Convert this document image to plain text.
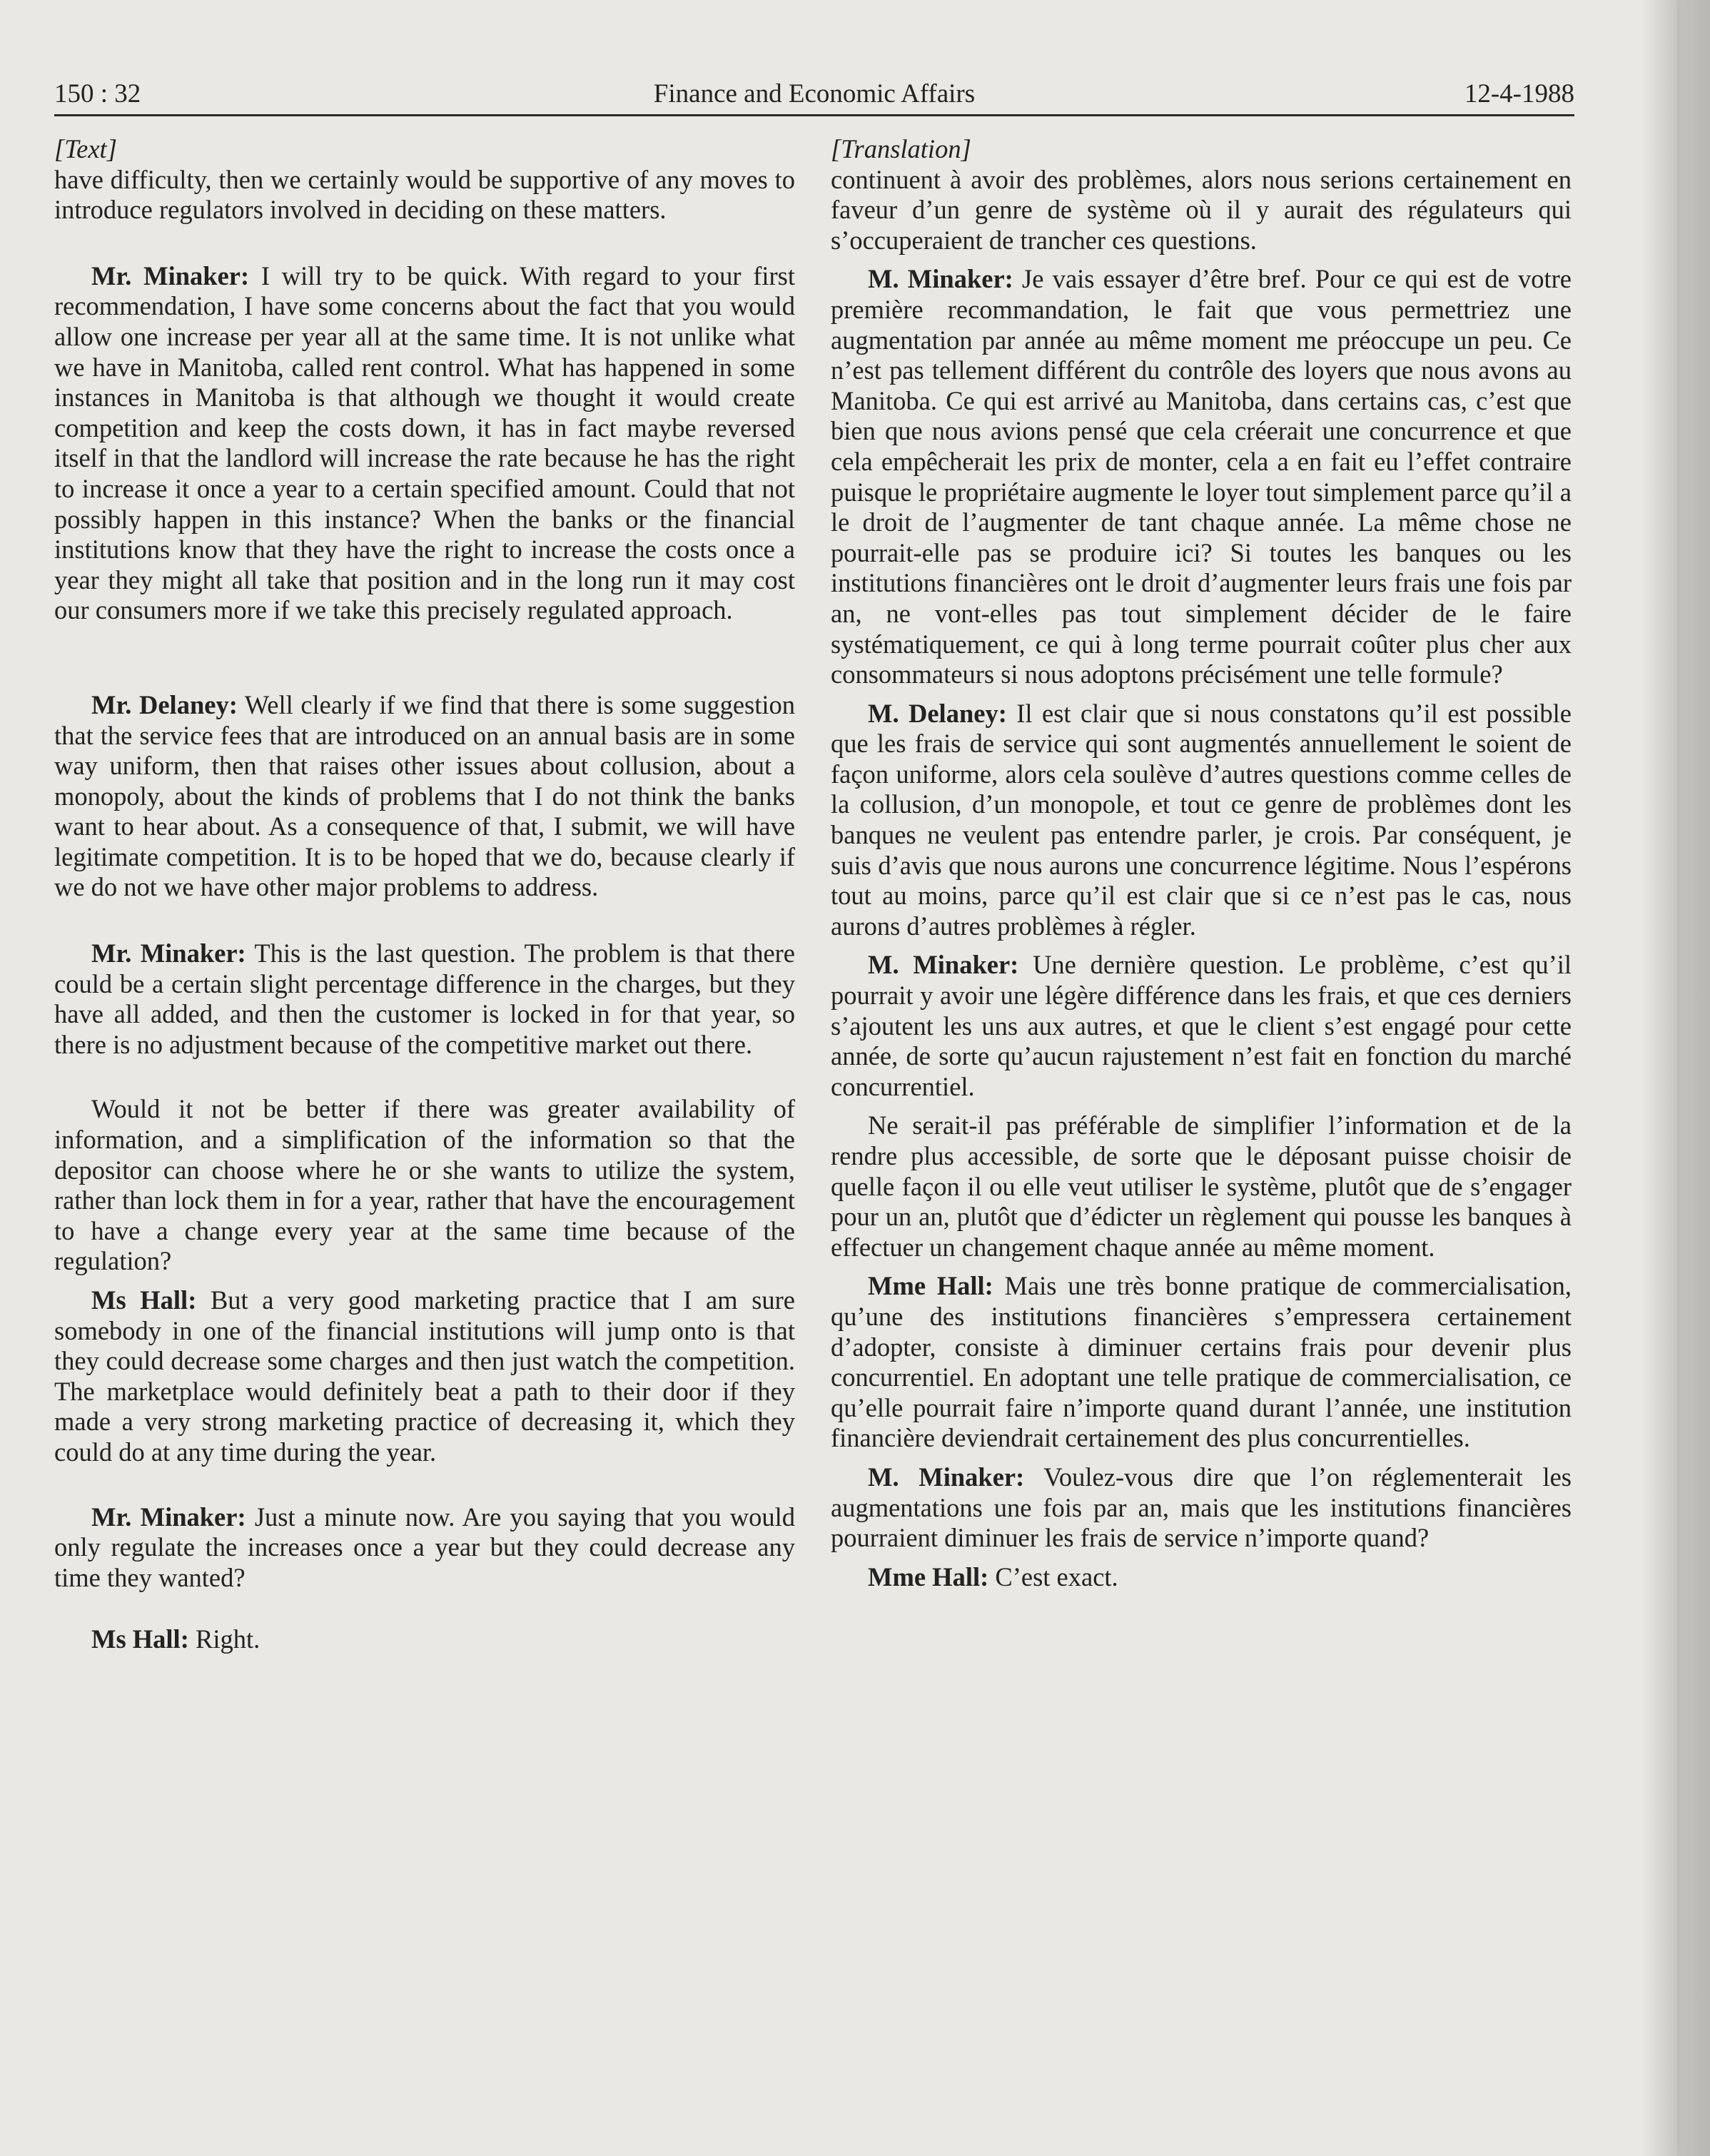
150 : 32	Finance and Economic Affairs	12-4-1988

[Text]

have difficulty, then we certainly would be supportive of any moves to introduce regulators involved in deciding on these matters.

Mr. Minaker: I will try to be quick. With regard to your first recommendation, I have some concerns about the fact that you would allow one increase per year all at the same time. It is not unlike what we have in Manitoba, called rent control. What has happened in some instances in Manitoba is that although we thought it would create competition and keep the costs down, it has in fact maybe reversed itself in that the landlord will increase the rate because he has the right to increase it once a year to a certain specified amount. Could that not possibly happen in this instance? When the banks or the financial institutions know that they have the right to increase the costs once a year they might all take that position and in the long run it may cost our consumers more if we take this precisely regulated approach.

Mr. Delaney: Well clearly if we find that there is some suggestion that the service fees that are introduced on an annual basis are in some way uniform, then that raises other issues about collusion, about a monopoly, about the kinds of problems that I do not think the banks want to hear about. As a consequence of that, I submit, we will have legitimate competition. It is to be hoped that we do, because clearly if we do not we have other major problems to address.

Mr. Minaker: This is the last question. The problem is that there could be a certain slight percentage difference in the charges, but they have all added, and then the customer is locked in for that year, so there is no adjustment because of the competitive market out there.

Would it not be better if there was greater availability of information, and a simplification of the information so that the depositor can choose where he or she wants to utilize the system, rather than lock them in for a year, rather that have the encouragement to have a change every year at the same time because of the regulation?

Ms Hall: But a very good marketing practice that I am sure somebody in one of the financial institutions will jump onto is that they could decrease some charges and then just watch the competition. The marketplace would definitely beat a path to their door if they made a very strong marketing practice of decreasing it, which they could do at any time during the year.

Mr. Minaker: Just a minute now. Are you saying that you would only regulate the increases once a year but they could decrease any time they wanted?

Ms Hall: Right.

[Translation]

continuent à avoir des problèmes, alors nous serions certainement en faveur d’un genre de système où il y aurait des régulateurs qui s’occuperaient de trancher ces questions.

M. Minaker: Je vais essayer d’être bref. Pour ce qui est de votre première recommandation, le fait que vous permettriez une augmentation par année au même moment me préoccupe un peu. Ce n’est pas tellement différent du contrôle des loyers que nous avons au Manitoba. Ce qui est arrivé au Manitoba, dans certains cas, c’est que bien que nous avions pensé que cela créerait une concurrence et que cela empêcherait les prix de monter, cela a en fait eu l’effet contraire puisque le propriétaire augmente le loyer tout simplement parce qu’il a le droit de l’augmenter de tant chaque année. La même chose ne pourrait-elle pas se produire ici? Si toutes les banques ou les institutions financières ont le droit d’augmenter leurs frais une fois par an, ne vont-elles pas tout simplement décider de le faire systématiquement, ce qui à long terme pourrait coûter plus cher aux consommateurs si nous adoptons précisément une telle formule?

M. Delaney: Il est clair que si nous constatons qu’il est possible que les frais de service qui sont augmentés annuellement le soient de façon uniforme, alors cela soulève d’autres questions comme celles de la collusion, d’un monopole, et tout ce genre de problèmes dont les banques ne veulent pas entendre parler, je crois. Par conséquent, je suis d’avis que nous aurons une concurrence légitime. Nous l’espérons tout au moins, parce qu’il est clair que si ce n’est pas le cas, nous aurons d’autres problèmes à régler.

M. Minaker: Une dernière question. Le problème, c’est qu’il pourrait y avoir une légère différence dans les frais, et que ces derniers s’ajoutent les uns aux autres, et que le client s’est engagé pour cette année, de sorte qu’aucun rajustement n’est fait en fonction du marché concurrentiel.

Ne serait-il pas préférable de simplifier l’information et de la rendre plus accessible, de sorte que le déposant puisse choisir de quelle façon il ou elle veut utiliser le système, plutôt que de s’engager pour un an, plutôt que d’édicter un règlement qui pousse les banques à effectuer un changement chaque année au même moment.

Mme Hall: Mais une très bonne pratique de commercialisation, qu’une des institutions financières s’empressera certainement d’adopter, consiste à diminuer certains frais pour devenir plus concurrentiel. En adoptant une telle pratique de commercialisation, ce qu’elle pourrait faire n’importe quand durant l’année, une institution financière deviendrait certainement des plus concurrentielles.

M. Minaker: Voulez-vous dire que l’on réglementerait les augmentations une fois par an, mais que les institutions financières pourraient diminuer les frais de service n’importe quand?

Mme Hall: C’est exact.
